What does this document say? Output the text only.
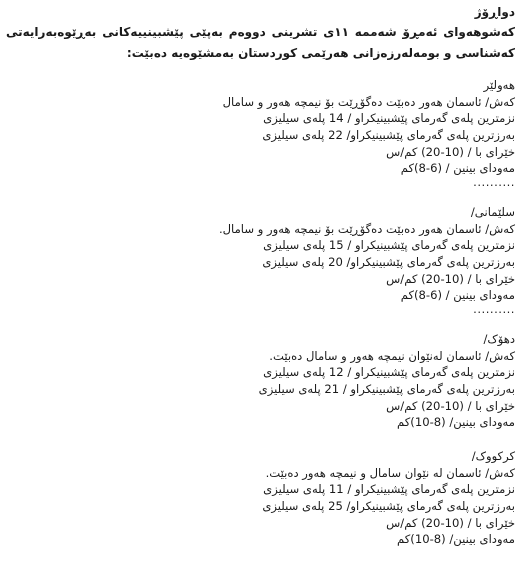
دواڕۆژ

کەشوهەوای ئەمڕۆ شەممە ١١ی تشرینی دووەم بەپێی پێشبینییەکانی بەڕێوەبەرایەتی کەشناسی و بومەلەرزەزانی هەرێمی کوردستان بەمشێوەیە دەبێت:

هەولێر

کەش/ ئاسمان هەور دەبێت دەگۆڕێت بۆ نیمچە هەور و سامال

نزمترین پلەی گەرمای پێشبینیکراو / 14 پلەی سیلیزی

بەرزترین پلەی گەرمای پێشبینیکراو/ 22 پلەی سیلیزی

خێرای با / (10-20) کم/س

مەودای بینین / (6-8)کم

..........

سلێمانی/

کەش/ ئاسمان هەور دەبێت دەگۆڕێت بۆ نیمچە هەور و سامال.

نزمترین پلەی گەرمای پێشبینیکراو / 15 پلەی سیلیزی

بەرزترین پلەی گەرمای پێشبینیکراو/ 20 پلەی سیلیزی

خێرای با / (10-20) کم/س

مەودای بینین / (6-8)کم

..........

دهۆک/

کەش/ ئاسمان لەنێوان نیمچە هەور و سامال دەبێت.

نزمترین پلەی گەرمای پێشبینیکراو / 12 پلەی سیلیزی

بەرزترین پلەی گەرمای پێشبینیکراو / 21 پلەی سیلیزی

خێرای با / (10-20) کم/س

مەودای بینین/ (8-10)کم

کرکووک/

کەش/ ئاسمان لە نێوان سامال و نیمچە هەور دەبێت.

نزمترین پلەی گەرمای پێشبینیکراو / 11 پلەی سیلیزی

بەرزترین پلەی گەرمای پێشبینیکراو/ 25 پلەی سیلیزی

خێرای با / (10-20) کم/س

مەودای بینین/ (8-10)کم
